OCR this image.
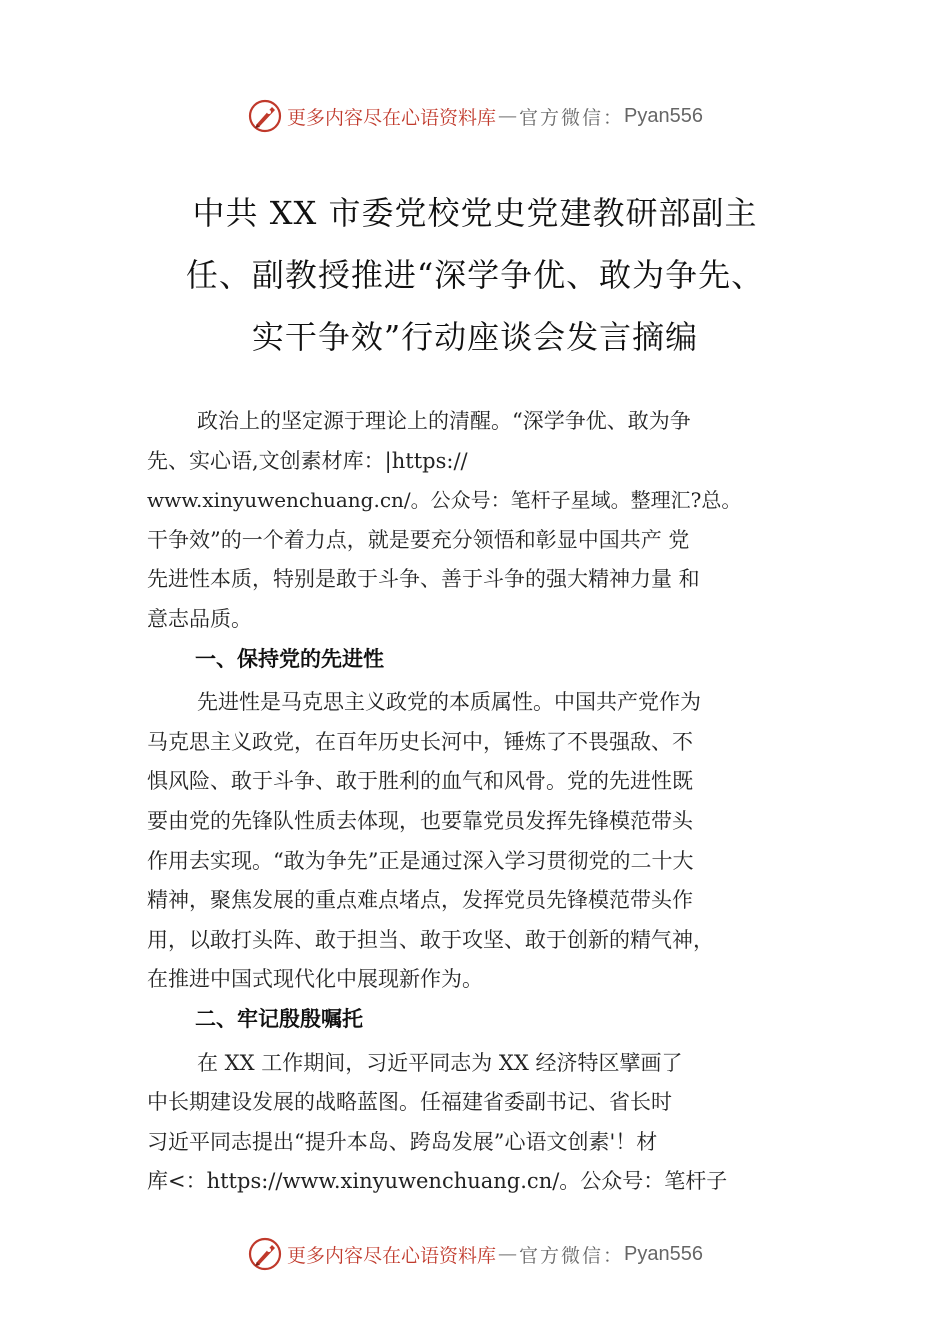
更多内容尽在心语资料库 — 官方微信： Pyan556
中共 XX 市委党校党史党建教研部副主
任、副教授推进“深学争优、敢为争先、
实干争效”行动座谈会发言摘编
政治上的坚定源于理论上的清醒。“深学争优、敢为争
先、实心语,文创素材库：|https://
www.xinyuwenchuang.cn/。公众号：笔杆子星域。整理汇?总。
干争效”的一个着力点，就是要充分领悟和彰显中国共产 党
先进性本质，特别是敢于斗争、善于斗争的强大精神力量 和
意志品质。
一、保持党的先进性
先进性是马克思主义政党的本质属性。中国共产党作为
马克思主义政党，在百年历史长河中，锤炼了不畏强敌、不
惧风险、敢于斗争、敢于胜利的血气和风骨。党的先进性既
要由党的先锋队性质去体现，也要靠党员发挥先锋模范带头
作用去实现。“敢为争先”正是通过深入学习贯彻党的二十大
精神，聚焦发展的重点难点堵点，发挥党员先锋模范带头作
用，以敢打头阵、敢于担当、敢于攻坚、敢于创新的精气神，
在推进中国式现代化中展现新作为。
二、牢记殷殷嘱托
在 XX 工作期间，习近平同志为 XX 经济特区擘画了
中长期建设发展的战略蓝图。任福建省委副书记、省长时
习近平同志提出“提升本岛、跨岛发展”心语文创素'！材
库<：https://www.xinyuwenchuang.cn/。公众号：笔杆子
更多内容尽在心语资料库 — 官方微信： Pyan556
